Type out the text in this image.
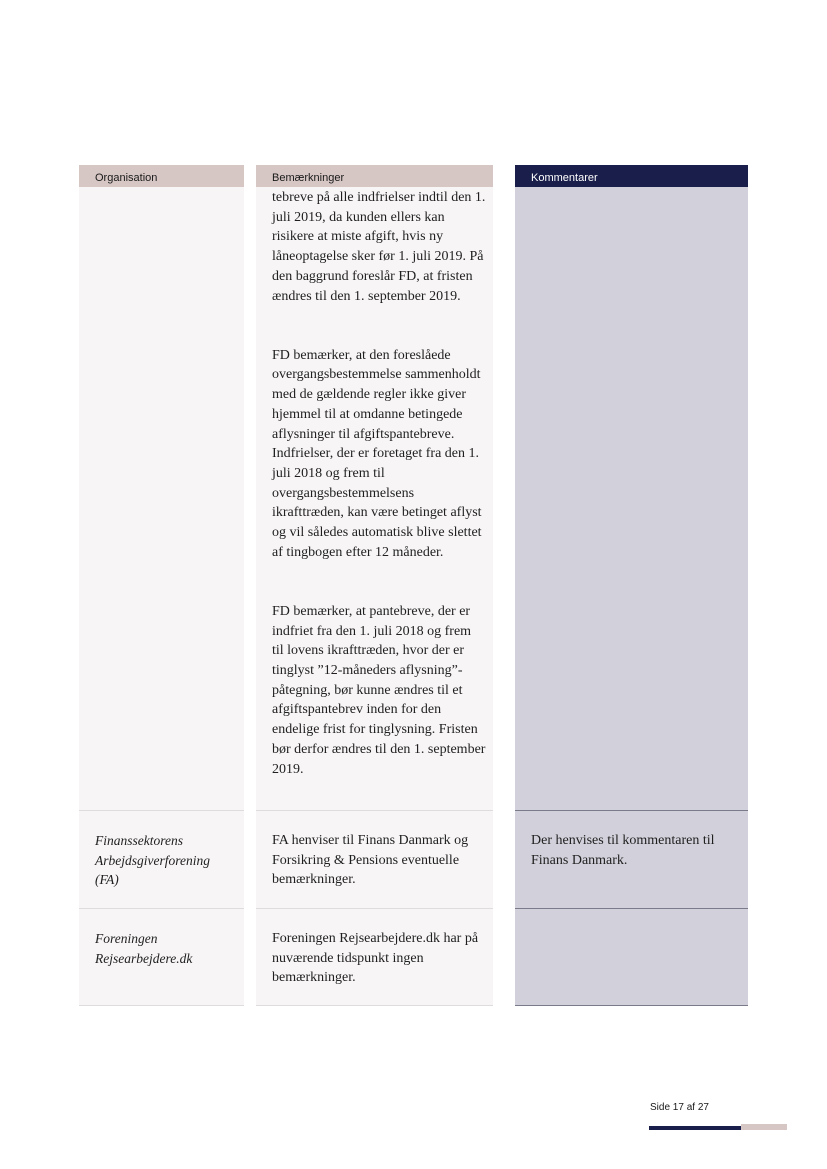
Organisation	Bemærkninger	Kommentarer

tebreve på alle indfrielser indtil den 1. juli 2019, da kunden ellers kan risikere at miste afgift, hvis ny låneoptagelse sker før 1. juli 2019. På den baggrund foreslår FD, at fristen ændres til den 1. september 2019.

FD bemærker, at den foreslåede overgangsbestemmelse sammenholdt med de gældende regler ikke giver hjemmel til at omdanne betingede aflysninger til afgiftspantebreve. Indfrielser, der er foretaget fra den 1. juli 2018 og frem til overgangsbestemmelsens ikrafttræden, kan være betinget aflyst og vil således automatisk blive slettet af tingbogen efter 12 måneder.

FD bemærker, at pantebreve, der er indfriet fra den 1. juli 2018 og frem til lovens ikrafttræden, hvor der er tinglyst ”12-måneders aflysning”-påtegning, bør kunne ændres til et afgiftspantebrev inden for den endelige frist for tinglysning. Fristen bør derfor ændres til den 1. september 2019.

Finanssektorens Arbejdsgiverforening (FA)
FA henviser til Finans Danmark og Forsikring & Pensions eventuelle bemærkninger.
Der henvises til kommentaren til Finans Danmark.
Foreningen Rejsearbejdere.dk
Foreningen Rejsearbejdere.dk har på nuværende tidspunkt ingen bemærkninger.
Side 17 af 27
